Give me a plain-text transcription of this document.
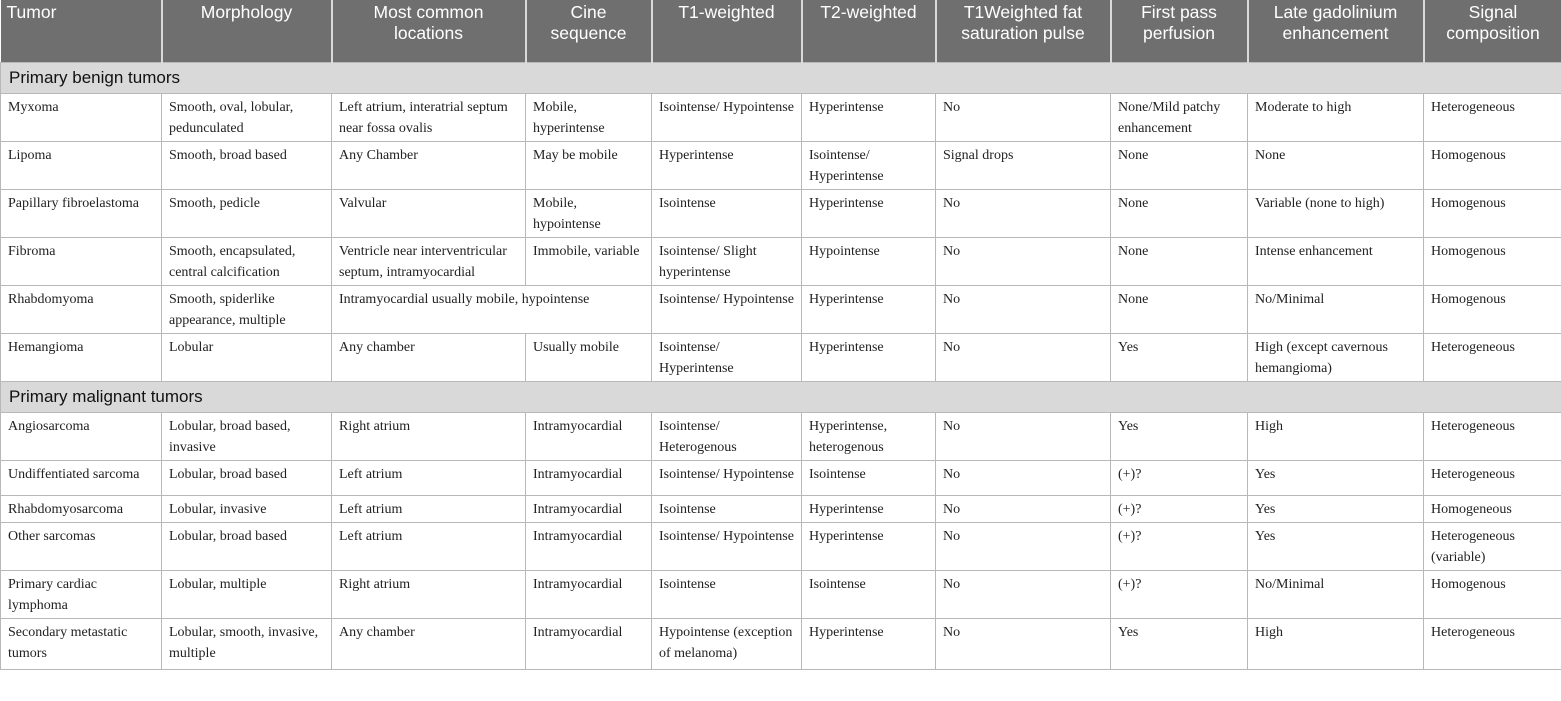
Tumor	Morphology	Most common locations	Cine sequence	T1-weighted	T2-weighted	T1Weighted fat saturation pulse	First pass perfusion	Late gadolinium enhancement	Signal composition
Primary benign tumors									
Myxoma	Smooth, oval, lobular, pedunculated	Left atrium, interatrial septum near fossa ovalis	Mobile, hyperintense	Isointense/ Hypointense	Hyperintense	No	None/Mild patchy enhancement	Moderate to high	Heterogeneous
Lipoma	Smooth, broad based	Any Chamber	May be mobile	Hyperintense	Isointense/ Hyperintense	Signal drops	None	None	Homogenous
Papillary fibroelastoma	Smooth, pedicle	Valvular	Mobile, hypointense	Isointense	Hyperintense	No	None	Variable (none to high)	Homogenous
Fibroma	Smooth, encapsulated, central calcification	Ventricle near interventricular septum, intramyocardial	Immobile, variable	Isointense/ Slight hyperintense	Hypointense	No	None	Intense enhancement	Homogenous
Rhabdomyoma	Smooth, spiderlike appearance, multiple	Intramyocardial usually mobile, hypointense		Isointense/ Hypointense	Hyperintense	No	None	No/Minimal	Homogenous
Hemangioma	Lobular	Any chamber	Usually mobile	Isointense/ Hyperintense	Hyperintense	No	Yes	High (except cavernous hemangioma)	Heterogeneous
Primary malignant tumors									
Angiosarcoma	Lobular, broad based, invasive	Right atrium	Intramyocardial	Isointense/ Heterogenous	Hyperintense, heterogenous	No	Yes	High	Heterogeneous
Undiffentiated sarcoma	Lobular, broad based	Left atrium	Intramyocardial	Isointense/ Hypointense	Isointense	No	(+)?	Yes	Heterogeneous
Rhabdomyosarcoma	Lobular, invasive	Left atrium	Intramyocardial	Isointense	Hyperintense	No	(+)?	Yes	Homogeneous
Other sarcomas	Lobular, broad based	Left atrium	Intramyocardial	Isointense/ Hypointense	Hyperintense	No	(+)?	Yes	Heterogeneous (variable)
Primary cardiac lymphoma	Lobular, multiple	Right atrium	Intramyocardial	Isointense	Isointense	No	(+)?	No/Minimal	Homogenous
Secondary metastatic tumors	Lobular, smooth, invasive, multiple	Any chamber	Intramyocardial	Hypointense (exception of melanoma)	Hyperintense	No	Yes	High	Heterogeneous
